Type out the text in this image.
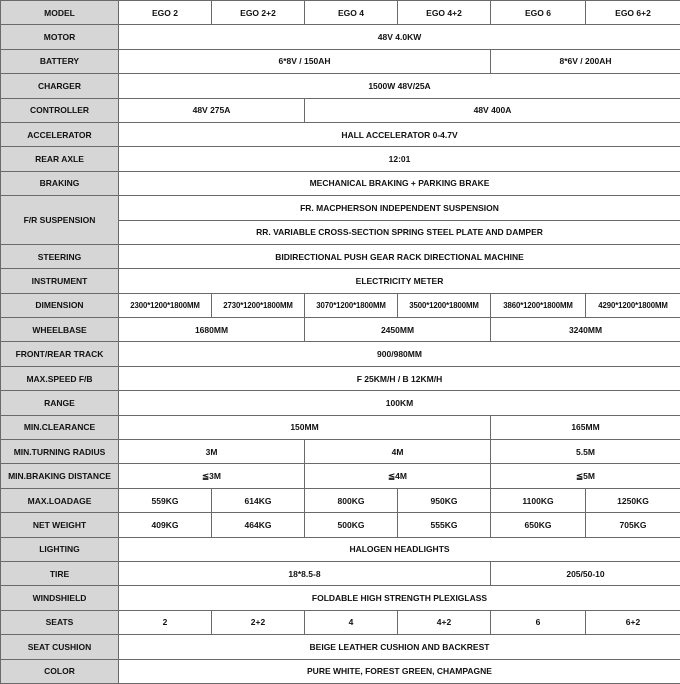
MODEL	EGO 2	EGO 2+2	EGO 4	EGO 4+2	EGO 6	EGO 6+2
MOTOR	48V 4.0KW					
BATTERY	6*8V / 150AH				8*6V / 200AH	
CHARGER	1500W 48V/25A					
CONTROLLER	48V 275A		48V 400A			
ACCELERATOR	HALL ACCELERATOR 0-4.7V					
REAR AXLE	12:01					
BRAKING	MECHANICAL BRAKING + PARKING BRAKE					
F/R SUSPENSION	FR. MACPHERSON INDEPENDENT SUSPENSION					
	RR. VARIABLE CROSS-SECTION SPRING STEEL PLATE AND DAMPER					
STEERING	BIDIRECTIONAL PUSH GEAR RACK DIRECTIONAL MACHINE					
INSTRUMENT	ELECTRICITY METER					
DIMENSION	2300*1200*1800MM	2730*1200*1800MM	3070*1200*1800MM	3500*1200*1800MM	3860*1200*1800MM	4290*1200*1800MM
WHEELBASE	1680MM		2450MM		3240MM	
FRONT/REAR TRACK	900/980MM					
MAX.SPEED F/B	F 25KM/H / B 12KM/H					
RANGE	100KM					
MIN.CLEARANCE	150MM				165MM	
MIN.TURNING RADIUS	3M		4M		5.5M	
MIN.BRAKING DISTANCE	≦3M		≦4M		≦5M	
MAX.LOADAGE	559KG	614KG	800KG	950KG	1100KG	1250KG
NET WEIGHT	409KG	464KG	500KG	555KG	650KG	705KG
LIGHTING	HALOGEN HEADLIGHTS					
TIRE	18*8.5-8				205/50-10	
WINDSHIELD	FOLDABLE HIGH STRENGTH PLEXIGLASS					
SEATS	2	2+2	4	4+2	6	6+2
SEAT CUSHION	BEIGE LEATHER CUSHION AND BACKREST					
COLOR	PURE WHITE, FOREST GREEN, CHAMPAGNE					
